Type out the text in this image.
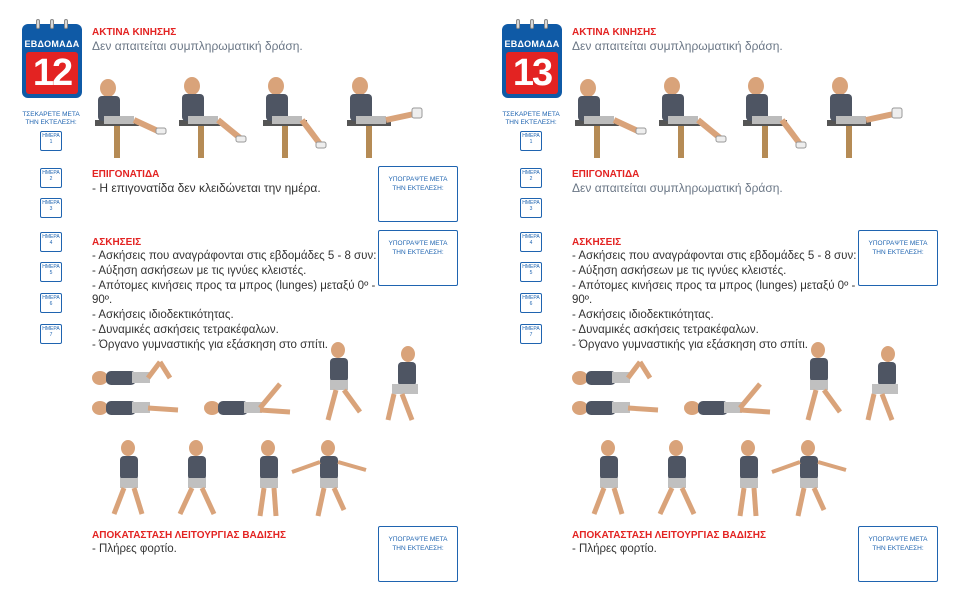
ΕΒΔΟΜΑΔΑ
12
ΑΚΤΙΝΑ ΚΙΝΗΣΗΣ
Δεν απαιτείται συμπληρωματική δράση.
ΤΣΕΚΑΡΕΤΕ ΜΕΤΑ ΤΗΝ ΕΚΤΕΛΕΣΗ:
ΗΜΕΡΑ 1
ΗΜΕΡΑ 2
ΗΜΕΡΑ 3
ΕΠΙΓΟΝΑΤΙΔΑ
- Η επιγονατίδα δεν κλειδώνεται την ημέρα.
ΥΠΟΓΡΑΨΤΕ ΜΕΤΑ ΤΗΝ ΕΚΤΕΛΕΣΗ:
ΗΜΕΡΑ 4
ΗΜΕΡΑ 5
ΗΜΕΡΑ 6
ΗΜΕΡΑ 7
ΑΣΚΗΣΕΙΣ
- Ασκήσεις που αναγράφονται στις εβδομάδες 5 - 8 συν:
- Αύξηση ασκήσεων με τις ιγνύες κλειστές.
- Απότομες κινήσεις προς τα μπρος (lunges) μεταξύ 0º - 90º.
- Ασκήσεις ιδιοδεκτικότητας.
- Δυναμικές ασκήσεις τετρακέφαλων.
- Όργανο γυμναστικής για εξάσκηση στο σπίτι.
ΥΠΟΓΡΑΨΤΕ ΜΕΤΑ ΤΗΝ ΕΚΤΕΛΕΣΗ:
ΑΠΟΚΑΤΑΣΤΑΣΗ ΛΕΙΤΟΥΡΓΙΑΣ ΒΑΔΙΣΗΣ
- Πλήρες φορτίο.
ΥΠΟΓΡΑΨΤΕ ΜΕΤΑ ΤΗΝ ΕΚΤΕΛΕΣΗ:
ΕΒΔΟΜΑΔΑ
13
ΑΚΤΙΝΑ ΚΙΝΗΣΗΣ
Δεν απαιτείται συμπληρωματική δράση.
ΤΣΕΚΑΡΕΤΕ ΜΕΤΑ ΤΗΝ ΕΚΤΕΛΕΣΗ:
ΗΜΕΡΑ 1
ΗΜΕΡΑ 2
ΗΜΕΡΑ 3
ΕΠΙΓΟΝΑΤΙΔΑ
Δεν απαιτείται συμπληρωματική δράση.
ΗΜΕΡΑ 4
ΗΜΕΡΑ 5
ΗΜΕΡΑ 6
ΗΜΕΡΑ 7
ΑΣΚΗΣΕΙΣ
- Ασκήσεις που αναγράφονται στις εβδομάδες 5 - 8 συν:
- Αύξηση ασκήσεων με τις ιγνύες κλειστές.
- Απότομες κινήσεις προς τα μπρος (lunges) μεταξύ 0º - 90º.
- Ασκήσεις ιδιοδεκτικότητας.
- Δυναμικές ασκήσεις τετρακέφαλων.
- Όργανο γυμναστικής για εξάσκηση στο σπίτι.
ΥΠΟΓΡΑΨΤΕ ΜΕΤΑ ΤΗΝ ΕΚΤΕΛΕΣΗ:
ΑΠΟΚΑΤΑΣΤΑΣΗ ΛΕΙΤΟΥΡΓΙΑΣ ΒΑΔΙΣΗΣ
- Πλήρες φορτίο.
ΥΠΟΓΡΑΨΤΕ ΜΕΤΑ ΤΗΝ ΕΚΤΕΛΕΣΗ:
